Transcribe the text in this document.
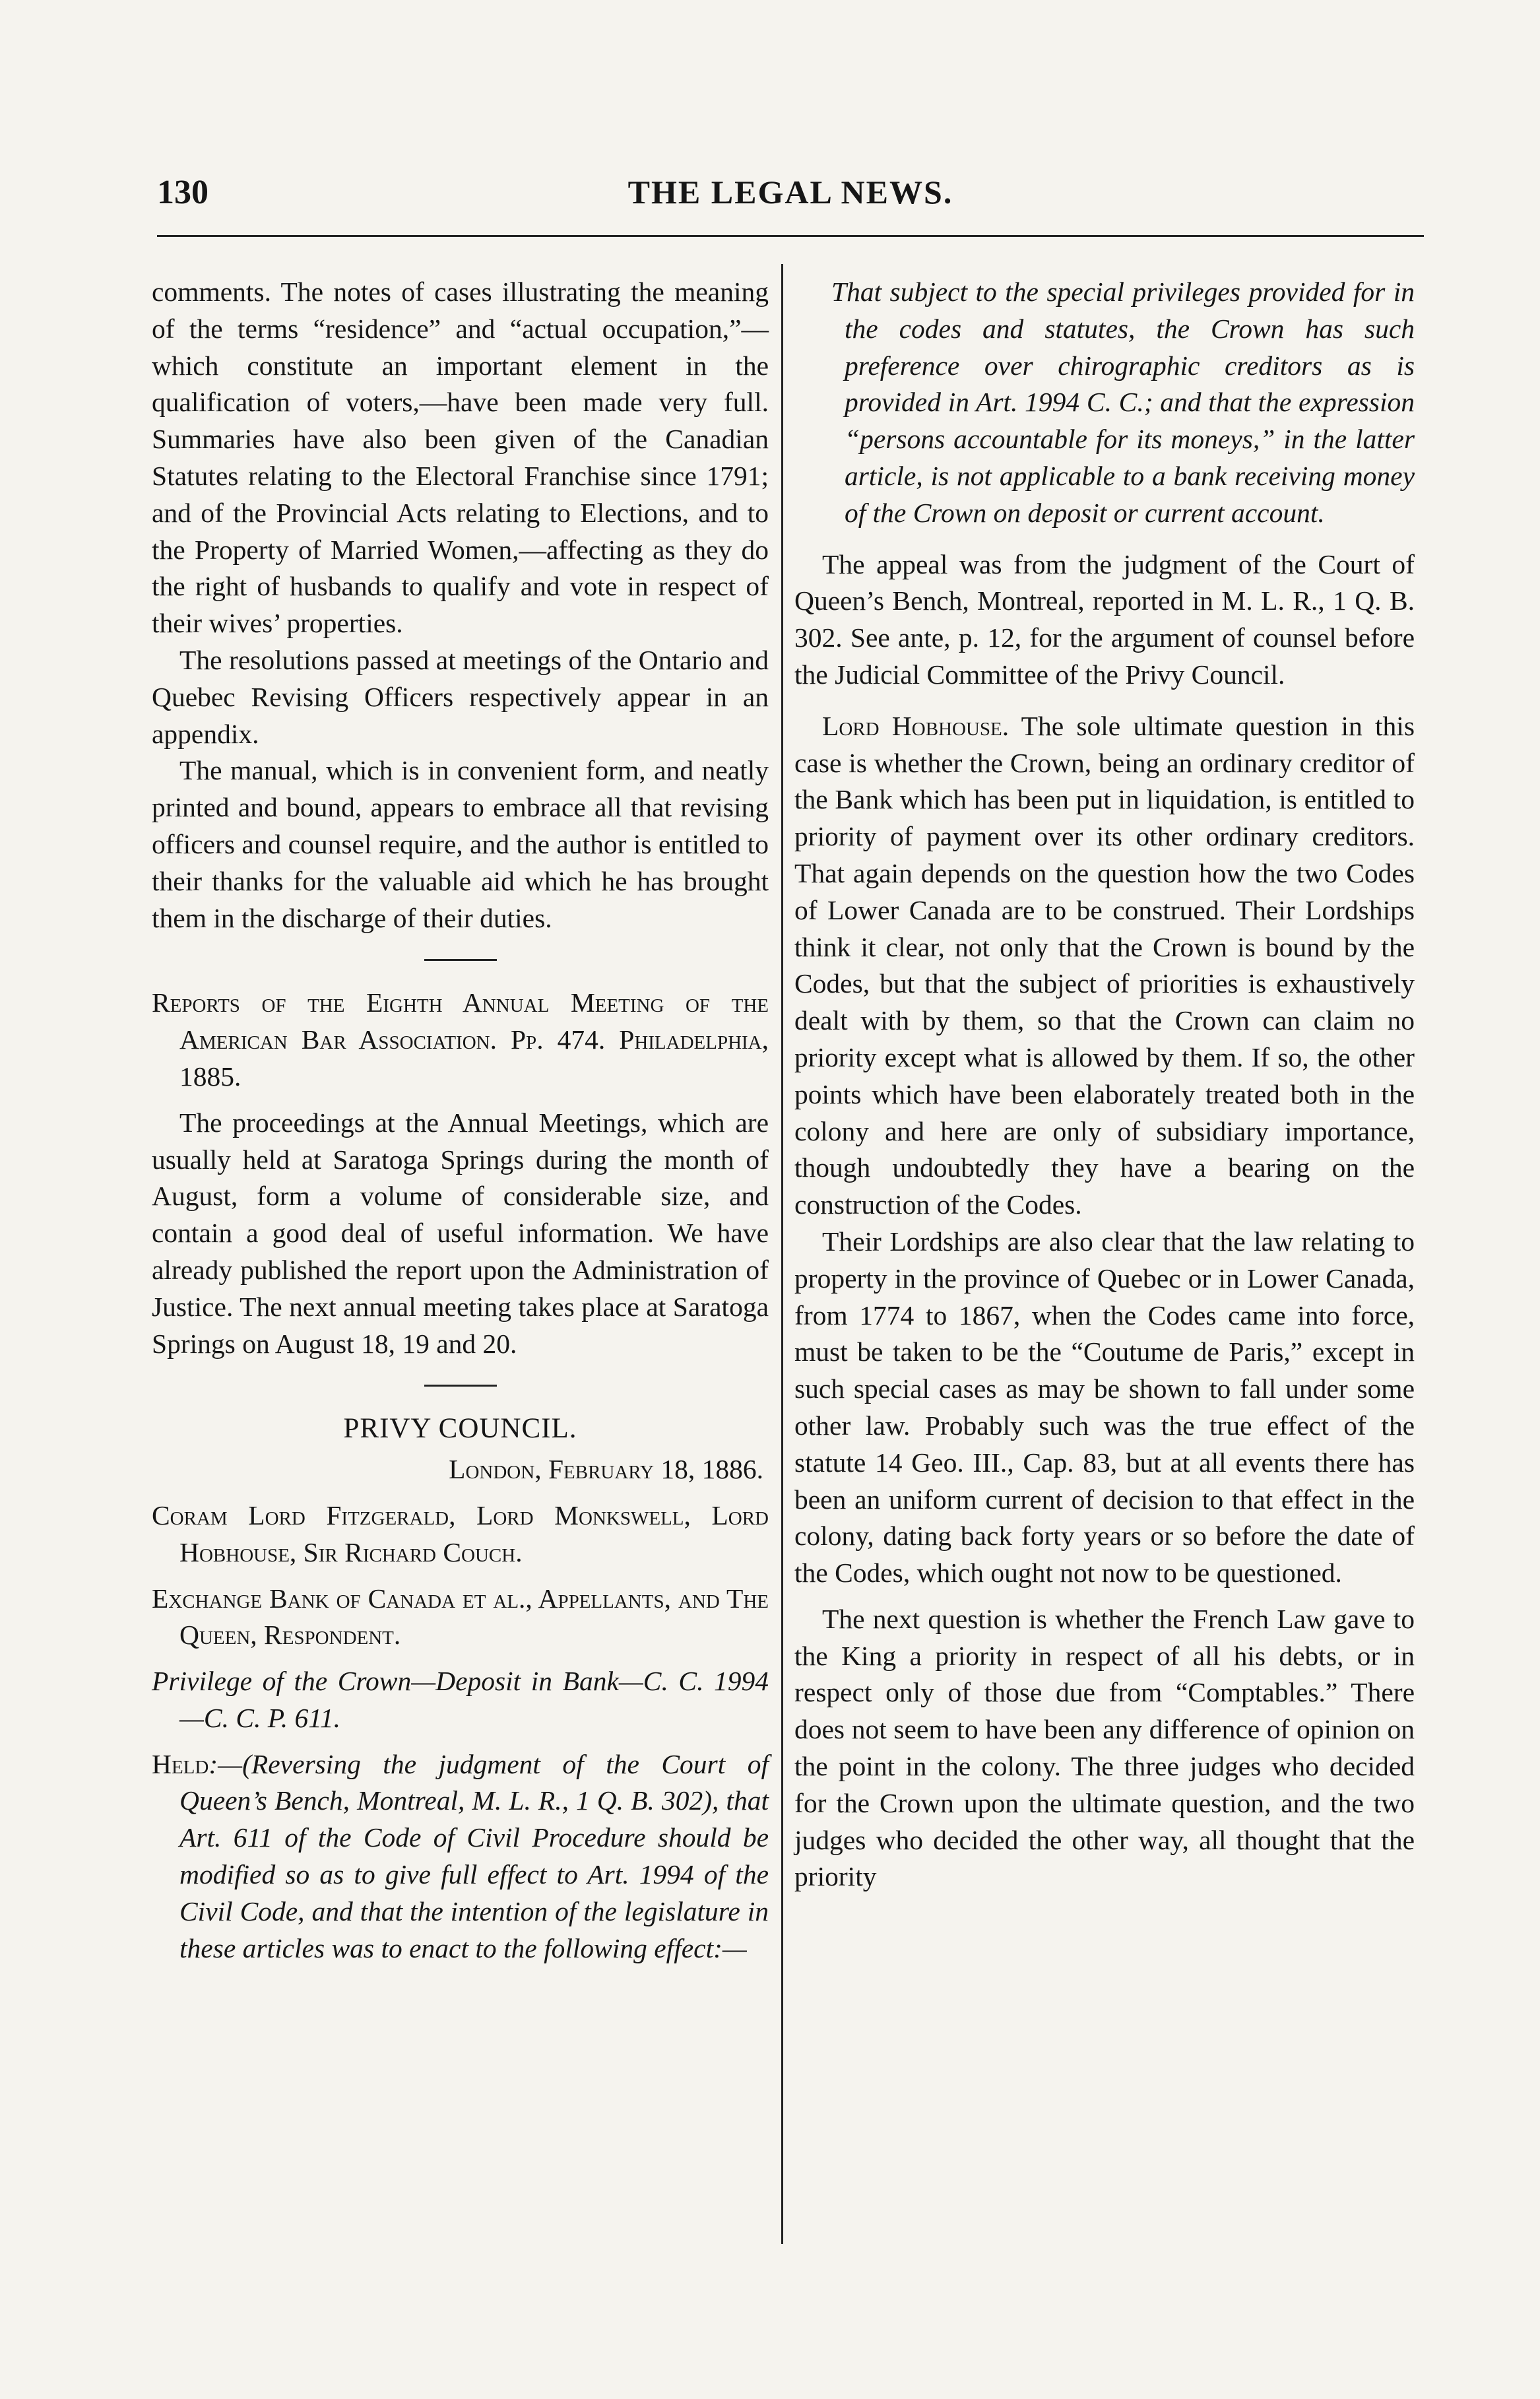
130	THE LEGAL NEWS.

comments. The notes of cases illustrating the meaning of the terms “residence” and “actual occupation,”—which constitute an important element in the qualification of voters,—have been made very full. Summaries have also been given of the Canadian Statutes relating to the Electoral Franchise since 1791; and of the Provincial Acts relating to Elections, and to the Property of Married Women,—affecting as they do the right of husbands to qualify and vote in respect of their wives’ properties.

The resolutions passed at meetings of the Ontario and Quebec Revising Officers respectively appear in an appendix.

The manual, which is in convenient form, and neatly printed and bound, appears to embrace all that revising officers and counsel require, and the author is entitled to their thanks for the valuable aid which he has brought them in the discharge of their duties.

Reports of the Eighth Annual Meeting of the American Bar Association. Pp. 474. Philadelphia, 1885.

The proceedings at the Annual Meetings, which are usually held at Saratoga Springs during the month of August, form a volume of considerable size, and contain a good deal of useful information. We have already published the report upon the Administration of Justice. The next annual meeting takes place at Saratoga Springs on August 18, 19 and 20.

PRIVY COUNCIL.

London, February 18, 1886.

Coram Lord Fitzgerald, Lord Monkswell, Lord Hobhouse, Sir Richard Couch.

Exchange Bank of Canada et al., Appellants, and The Queen, Respondent.

Privilege of the Crown—Deposit in Bank—C. C. 1994—C. C. P. 611.

Held:—(Reversing the judgment of the Court of Queen’s Bench, Montreal, M. L. R., 1 Q. B. 302), that Art. 611 of the Code of Civil Procedure should be modified so as to give full effect to Art. 1994 of the Civil Code, and that the intention of the legislature in these articles was to enact to the following effect:—

That subject to the special privileges provided for in the codes and statutes, the Crown has such preference over chirographic creditors as is provided in Art. 1994 C. C.; and that the expression “persons accountable for its moneys,” in the latter article, is not applicable to a bank receiving money of the Crown on deposit or current account.

The appeal was from the judgment of the Court of Queen’s Bench, Montreal, reported in M. L. R., 1 Q. B. 302. See ante, p. 12, for the argument of counsel before the Judicial Committee of the Privy Council.

Lord Hobhouse. The sole ultimate question in this case is whether the Crown, being an ordinary creditor of the Bank which has been put in liquidation, is entitled to priority of payment over its other ordinary creditors. That again depends on the question how the two Codes of Lower Canada are to be construed. Their Lordships think it clear, not only that the Crown is bound by the Codes, but that the subject of priorities is exhaustively dealt with by them, so that the Crown can claim no priority except what is allowed by them. If so, the other points which have been elaborately treated both in the colony and here are only of subsidiary importance, though undoubtedly they have a bearing on the construction of the Codes.

Their Lordships are also clear that the law relating to property in the province of Quebec or in Lower Canada, from 1774 to 1867, when the Codes came into force, must be taken to be the “Coutume de Paris,” except in such special cases as may be shown to fall under some other law. Probably such was the true effect of the statute 14 Geo. III., Cap. 83, but at all events there has been an uniform current of decision to that effect in the colony, dating back forty years or so before the date of the Codes, which ought not now to be questioned.

The next question is whether the French Law gave to the King a priority in respect of all his debts, or in respect only of those due from “Comptables.” There does not seem to have been any difference of opinion on the point in the colony. The three judges who decided for the Crown upon the ultimate question, and the two judges who decided the other way, all thought that the priority
